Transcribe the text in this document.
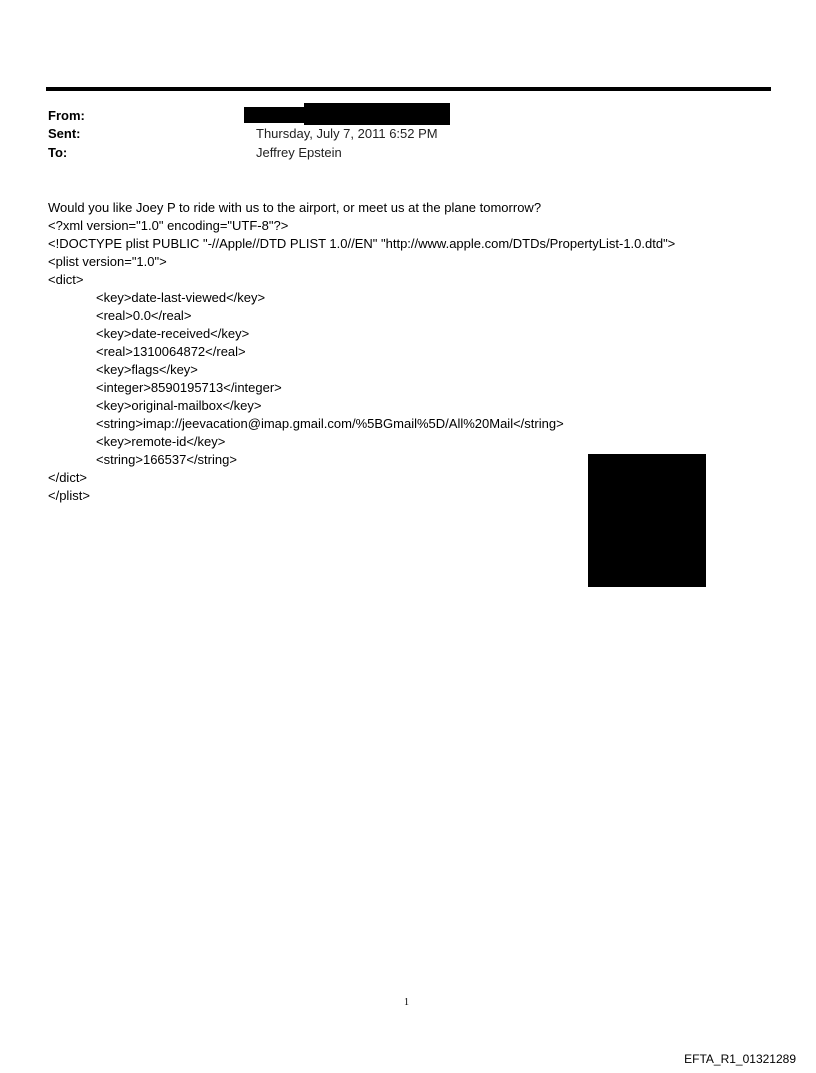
From:
Sent:	Thursday, July 7, 2011 6:52 PM
To:	Jeffrey Epstein
Would you like Joey P to ride with us to the airport, or meet us at the plane tomorrow?
<?xml version="1.0" encoding="UTF-8"?>
<!DOCTYPE plist PUBLIC "-//Apple//DTD PLIST 1.0//EN" "http://www.apple.com/DTDs/PropertyList-1.0.dtd">
<plist version="1.0">
<dict>
<key>date-last-viewed</key>
<real>0.0</real>
<key>date-received</key>
<real>1310064872</real>
<key>flags</key>
<integer>8590195713</integer>
<key>original-mailbox</key>
<string>imap://jeevacation@imap.gmail.com/%5BGmail%5D/All%20Mail</string>
<key>remote-id</key>
<string>166537</string>
</dict>
</plist>
1
EFTA_R1_01321289
